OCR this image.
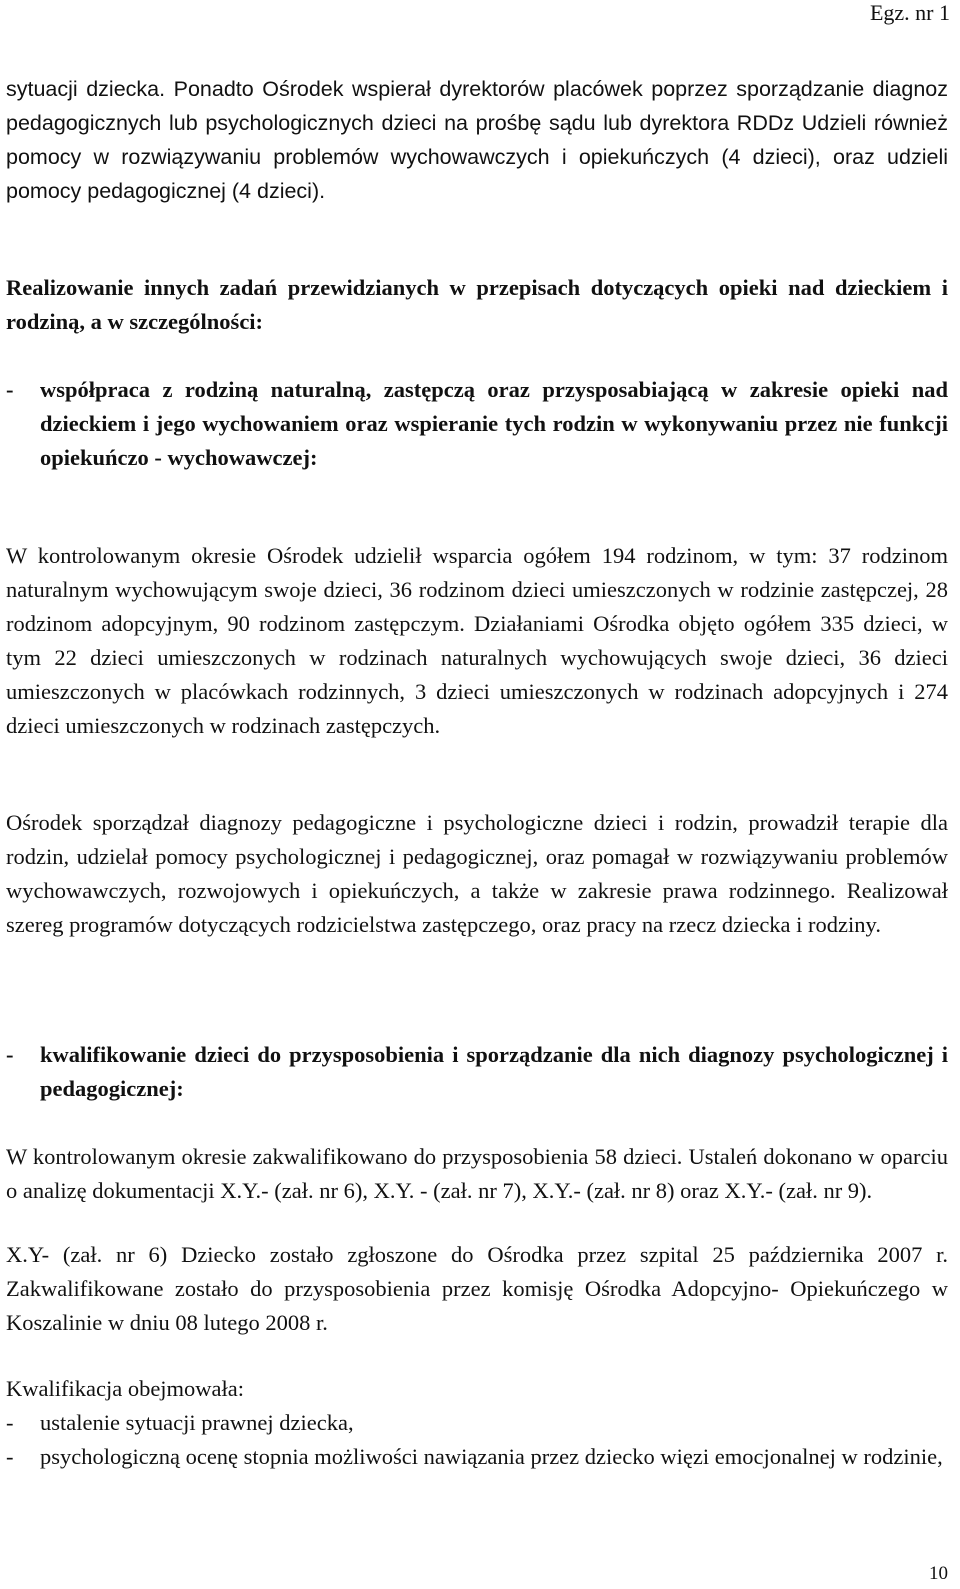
Egz. nr 1

sytuacji dziecka. Ponadto Ośrodek wspierał dyrektorów placówek poprzez sporządzanie diagnoz pedagogicznych lub psychologicznych dzieci na prośbę sądu lub dyrektora RDDz Udzieli również pomocy w rozwiązywaniu problemów wychowawczych i opiekuńczych (4 dzieci), oraz udzieli pomocy pedagogicznej (4 dzieci).

Realizowanie innych zadań przewidzianych w przepisach dotyczących opieki nad dzieckiem i rodziną, a w szczególności:

-	współpraca z rodziną naturalną, zastępczą oraz przysposabiającą w zakresie opieki nad dzieckiem i jego wychowaniem oraz wspieranie tych rodzin w wykonywaniu przez nie funkcji opiekuńczo - wychowawczej:

W kontrolowanym okresie Ośrodek udzielił wsparcia ogółem 194 rodzinom, w tym: 37 rodzinom naturalnym wychowującym swoje dzieci, 36 rodzinom dzieci umieszczonych w rodzinie zastępczej, 28 rodzinom adopcyjnym, 90 rodzinom zastępczym. Działaniami Ośrodka objęto ogółem 335 dzieci, w tym 22 dzieci umieszczonych w rodzinach naturalnych wychowujących swoje dzieci, 36 dzieci umieszczonych w placówkach rodzinnych, 3 dzieci umieszczonych w rodzinach adopcyjnych i 274 dzieci umieszczonych w rodzinach zastępczych.

Ośrodek sporządzał diagnozy pedagogiczne i psychologiczne dzieci i rodzin, prowadził terapie dla rodzin, udzielał pomocy psychologicznej i pedagogicznej, oraz pomagał w rozwiązywaniu problemów wychowawczych, rozwojowych i opiekuńczych, a także w zakresie prawa rodzinnego. Realizował szereg programów dotyczących rodzicielstwa zastępczego, oraz pracy na rzecz dziecka i rodziny.

-	kwalifikowanie dzieci do przysposobienia i sporządzanie dla nich diagnozy psychologicznej i pedagogicznej:

W kontrolowanym okresie zakwalifikowano do przysposobienia 58 dzieci. Ustaleń dokonano w oparciu o analizę dokumentacji X.Y.- (zał. nr 6), X.Y. - (zał. nr 7), X.Y.- (zał. nr 8) oraz X.Y.- (zał. nr 9).

X.Y- (zał. nr 6) Dziecko zostało zgłoszone do Ośrodka przez szpital 25 października 2007 r. Zakwalifikowane zostało do przysposobienia przez komisję Ośrodka Adopcyjno- Opiekuńczego w Koszalinie w dniu 08 lutego 2008 r.

Kwalifikacja obejmowała:

-	ustalenie sytuacji prawnej dziecka,
-	psychologiczną ocenę stopnia możliwości nawiązania przez dziecko więzi emocjonalnej w rodzinie,
10
